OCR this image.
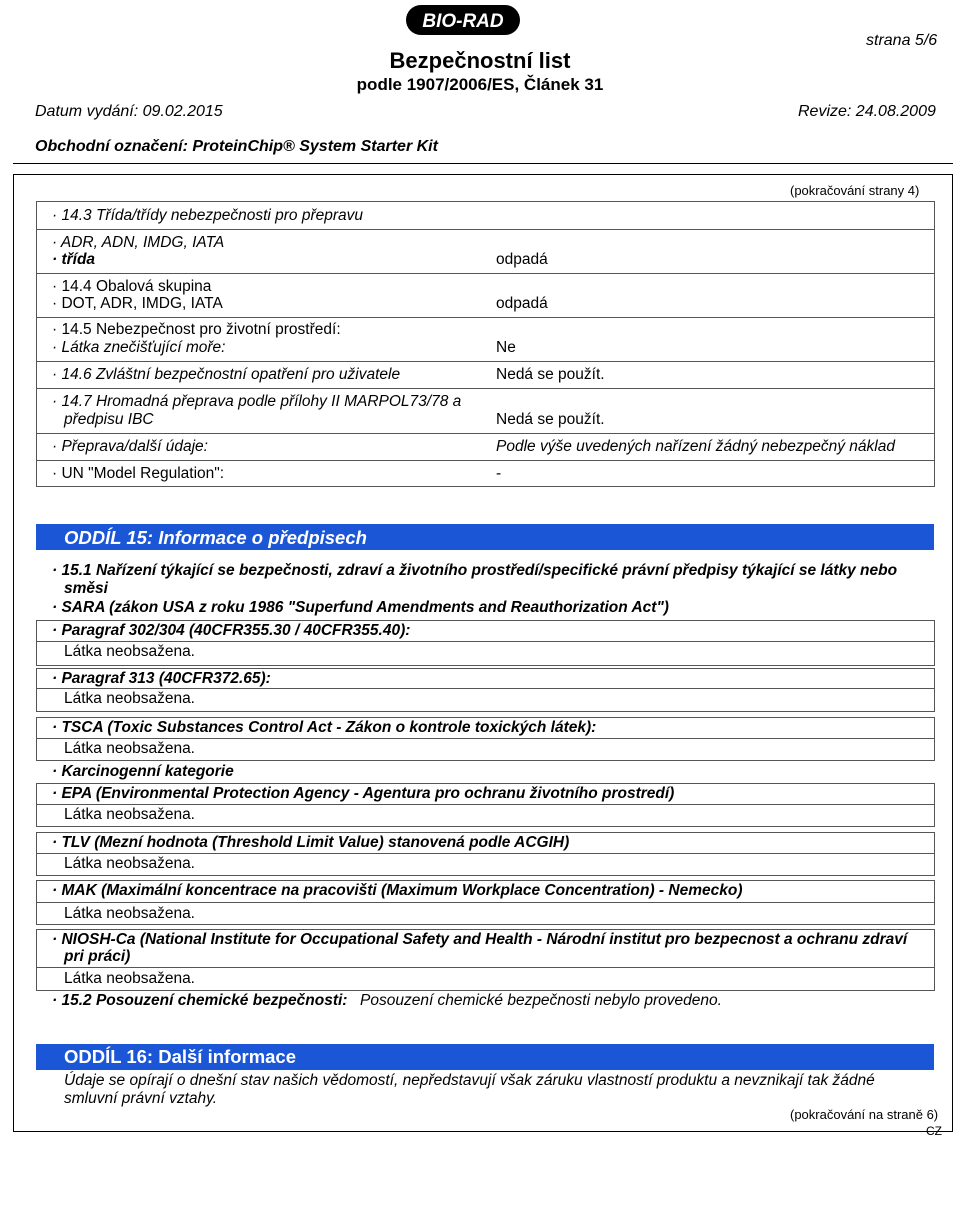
BIO-RAD
strana 5/6
Bezpečnostní list
podle 1907/2006/ES, Článek 31
Datum vydání: 09.02.2015	Revize: 24.08.2009
Obchodní označení: ProteinChip® System Starter Kit
(pokračování strany 4)
· 14.3 Třída/třídy nebezpečnosti pro přepravu
· ADR, ADN, IMDG, IATA
· třída	odpadá
· 14.4 Obalová skupina
· DOT, ADR, IMDG, IATA	odpadá
· 14.5 Nebezpečnost pro životní prostředí:
· Látka znečišťující moře:	Ne
· 14.6 Zvláštní bezpečnostní opatření pro uživatele	Nedá se použít.
· 14.7 Hromadná přeprava podle přílohy II MARPOL73/78 a
předpisu IBC	Nedá se použít.
· Přeprava/další údaje:	Podle výše uvedených nařízení žádný nebezpečný náklad
· UN "Model Regulation":	-
ODDÍL 15: Informace o předpisech
· 15.1 Nařízení týkající se bezpečnosti, zdraví a životního prostředí/specifické právní předpisy týkající se látky nebo
směsi
· SARA (zákon USA z roku 1986 "Superfund Amendments and Reauthorization Act")
· Paragraf 302/304 (40CFR355.30 / 40CFR355.40):
Látka neobsažena.
· Paragraf 313 (40CFR372.65):
Látka neobsažena.
· TSCA (Toxic Substances Control Act - Zákon o kontrole toxických látek):
Látka neobsažena.
· Karcinogenní kategorie
· EPA (Environmental Protection Agency - Agentura pro ochranu životního prostredí)
Látka neobsažena.
· TLV (Mezní hodnota (Threshold Limit Value) stanovená podle ACGIH)
Látka neobsažena.
· MAK (Maximální koncentrace na pracovišti (Maximum Workplace Concentration) - Nemecko)
Látka neobsažena.
· NIOSH-Ca (National Institute for Occupational Safety and Health - Národní institut pro bezpecnost a ochranu zdraví
pri práci)
Látka neobsažena.
· 15.2 Posouzení chemické bezpečnosti: Posouzení chemické bezpečnosti nebylo provedeno.
ODDÍL 16: Další informace
Údaje se opírají o dnešní stav našich vědomostí, nepředstavují však záruku vlastností produktu a nevznikají tak žádné
smluvní právní vztahy.
(pokračování na straně 6)
CZ
